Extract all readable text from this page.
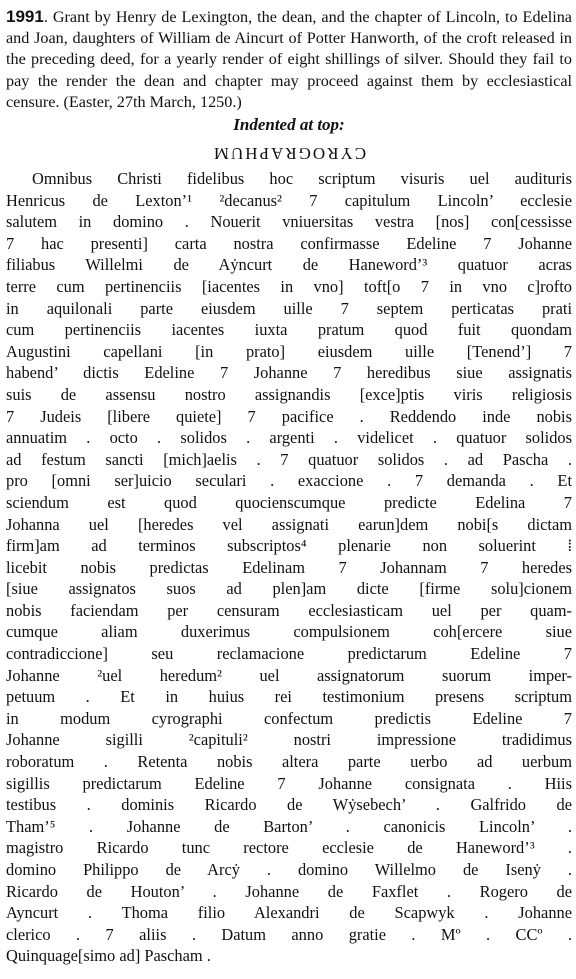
1991. Grant by Henry de Lexington, the dean, and the chapter of Lincoln, to Edelina and Joan, daughters of William de Aincurt of Potter Hanworth, of the croft released in the preceding deed, for a yearly render of eight shillings of silver. Should they fail to pay the render the dean and chapter may proceed against them by ecclesiastical censure. (Easter, 27th March, 1250.)

Indented at top:
CYROGRAPHUM
Omnibus Christi fidelibus hoc scriptum visuris uel audituris
Henricus de Lexton’¹ ²decanus² 7 capitulum Lincoln’ ecclesie
salutem in domino . Nouerit vniuersitas vestra [nos] con[cessisse
7 hac presenti] carta nostra confirmasse Edeline 7 Johanne
filiabus Willelmi de Aẏncurt de Haneword’³ quatuor acras
terre cum pertinenciis [iacentes in vno] toft[o 7 in vno c]rofto
in aquilonali parte eiusdem uille 7 septem perticatas prati
cum pertinenciis iacentes iuxta pratum quod fuit quondam
Augustini capellani [in prato] eiusdem uille [Tenend’] 7
habend’ dictis Edeline 7 Johanne 7 heredibus siue assignatis
suis de assensu nostro assignandis [exce]ptis viris religiosis
7 Judeis [libere quiete] 7 pacifice . Reddendo inde nobis
annuatim . octo . solidos . argenti . videlicet . quatuor solidos
ad festum sancti [mich]aelis . 7 quatuor solidos . ad Pascha .
pro [omni ser]uicio seculari . exaccione . 7 demanda . Et
sciendum est quod quocienscumque predicte Edelina 7
Johanna uel [heredes vel assignati earun]dem nobi[s dictam
firm]am ad terminos subscriptos⁴ plenarie non soluerint ⁞
licebit nobis predictas Edelinam 7 Johannam 7 heredes
[siue assignatos suos ad plen]am dicte [firme solu]cionem
nobis faciendam per censuram ecclesiasticam uel per quam-
cumque aliam duxerimus compulsionem coh[ercere siue
contradiccione] seu reclamacione predictarum Edeline 7
Johanne ²uel heredum² uel assignatorum suorum imper-
petuum . Et in huius rei testimonium presens scriptum
in modum cyrographi confectum predictis Edeline 7
Johanne sigilli ²capituli² nostri impressione tradidimus
roboratum . Retenta nobis altera parte uerbo ad uerbum
sigillis predictarum Edeline 7 Johanne consignata . Hiis
testibus . dominis Ricardo de Wẏsebech’ . Galfrido de
Tham’⁵ . Johanne de Barton’ . canonicis Lincoln’ .
magistro Ricardo tunc rectore ecclesie de Haneword’³ .
domino Philippo de Arcẏ . domino Willelmo de Isenẏ .
Ricardo de Houton’ . Johanne de Faxflet . Rogero de
Ayncurt . Thoma filio Alexandri de Scapwyk . Johanne
clerico . 7 aliis . Datum anno gratie . Mº . CCº .
Quinquage[simo ad] Pascham .
